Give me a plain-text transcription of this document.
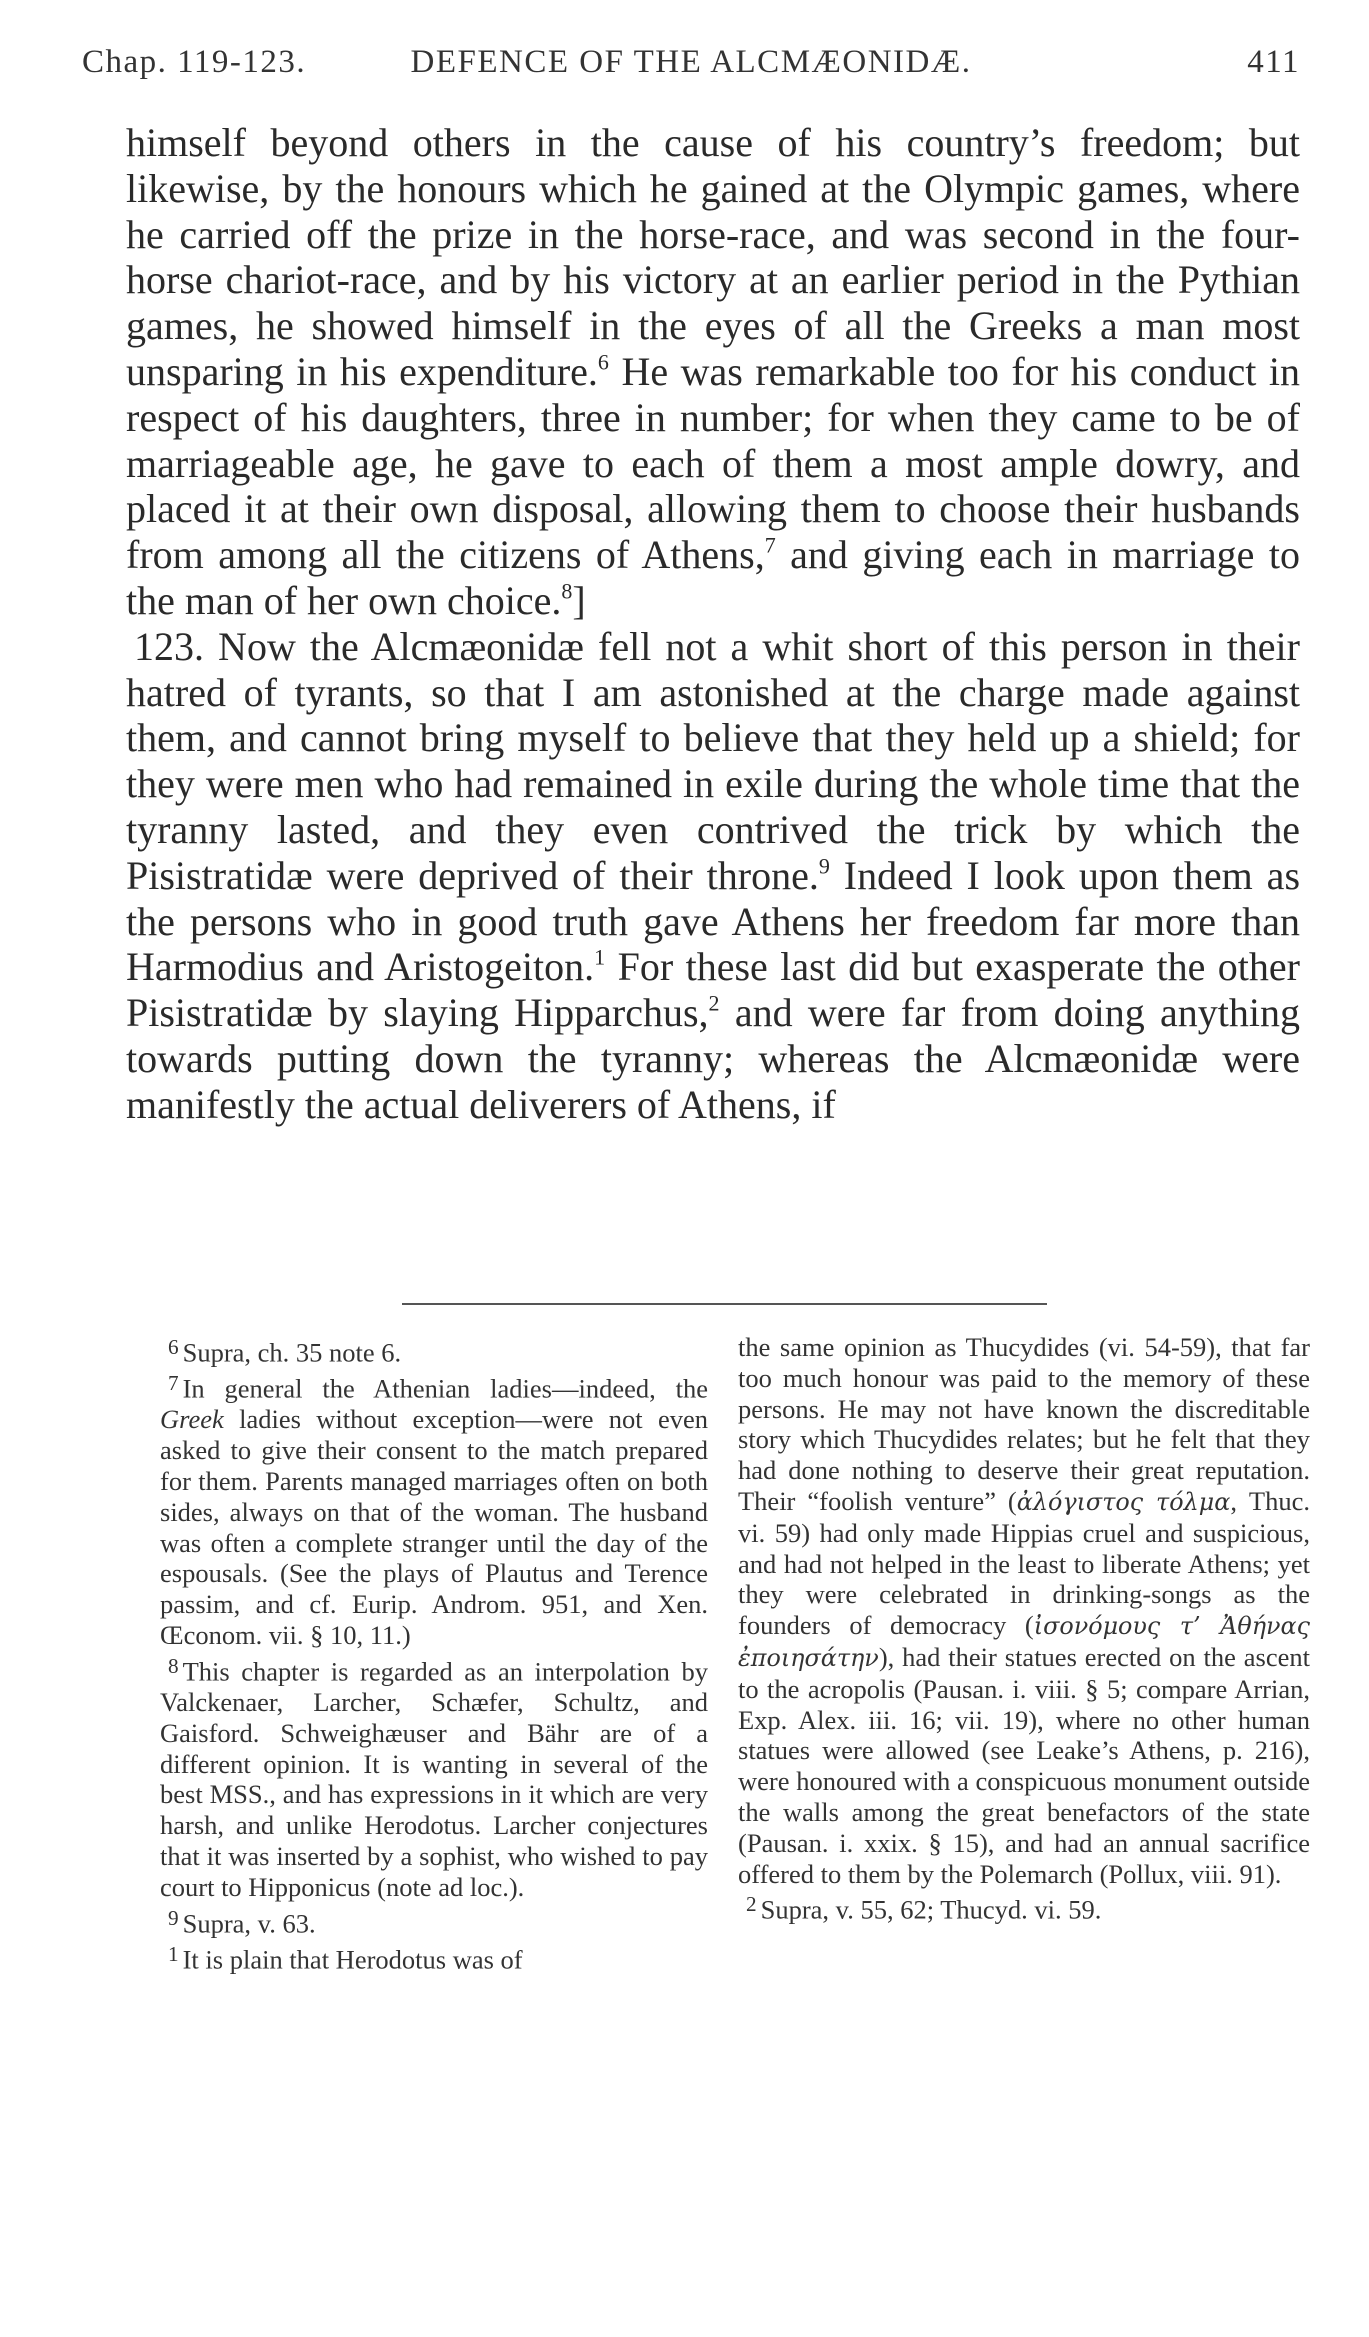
Chap. 119-123.	DEFENCE OF THE ALCMÆONIDÆ.	411

himself beyond others in the cause of his country’s freedom; but likewise, by the honours which he gained at the Olympic games, where he carried off the prize in the horse-race, and was second in the four-horse chariot-race, and by his victory at an earlier period in the Pythian games, he showed himself in the eyes of all the Greeks a man most unsparing in his expenditure.$^6$ He was remarkable too for his conduct in respect of his daughters, three in number; for when they came to be of marriageable age, he gave to each of them a most ample dowry, and placed it at their own disposal, allowing them to choose their husbands from among all the citizens of Athens,$^7$ and giving each in marriage to the man of her own choice.$^8$]

123. Now the Alcmæonidæ fell not a whit short of this person in their hatred of tyrants, so that I am astonished at the charge made against them, and cannot bring myself to believe that they held up a shield; for they were men who had remained in exile during the whole time that the tyranny lasted, and they even contrived the trick by which the Pisistratidæ were deprived of their throne.$^9$ Indeed I look upon them as the persons who in good truth gave Athens her freedom far more than Harmodius and Aristogeiton.$^1$ For these last did but exasperate the other Pisistratidæ by slaying Hipparchus,$^2$ and were far from doing anything towards putting down the tyranny; whereas the Alcmæonidæ were manifestly the actual deliverers of Athens, if

$^6$ Supra, ch. 35 note 6.

$^7$ In general the Athenian ladies—indeed, the Greek ladies without exception—were not even asked to give their consent to the match prepared for them. Parents managed marriages often on both sides, always on that of the woman. The husband was often a complete stranger until the day of the espousals. (See the plays of Plautus and Terence passim, and cf. Eurip. Androm. 951, and Xen. Œconom. vii. § 10, 11.)

$^8$ This chapter is regarded as an interpolation by Valckenaer, Larcher, Schæfer, Schultz, and Gaisford. Schweighæuser and Bähr are of a different opinion. It is wanting in several of the best MSS., and has expressions in it which are very harsh, and unlike Herodotus. Larcher conjectures that it was inserted by a sophist, who wished to pay court to Hipponicus (note ad loc.).

$^9$ Supra, v. 63.

$^1$ It is plain that Herodotus was of

the same opinion as Thucydides (vi. 54-59), that far too much honour was paid to the memory of these persons. He may not have known the discreditable story which Thucydides relates; but he felt that they had done nothing to deserve their great reputation. Their “foolish venture” (ἀλόγιστος τόλμα, Thuc. vi. 59) had only made Hippias cruel and suspicious, and had not helped in the least to liberate Athens; yet they were celebrated in drinking-songs as the founders of democracy (ἰσονόμους τ’ Ἀθήνας ἐποιησάτην), had their statues erected on the ascent to the acropolis (Pausan. i. viii. § 5; compare Arrian, Exp. Alex. iii. 16; vii. 19), where no other human statues were allowed (see Leake’s Athens, p. 216), were honoured with a conspicuous monument outside the walls among the great benefactors of the state (Pausan. i. xxix. § 15), and had an annual sacrifice offered to them by the Polemarch (Pollux, viii. 91).

$^2$ Supra, v. 55, 62; Thucyd. vi. 59.
